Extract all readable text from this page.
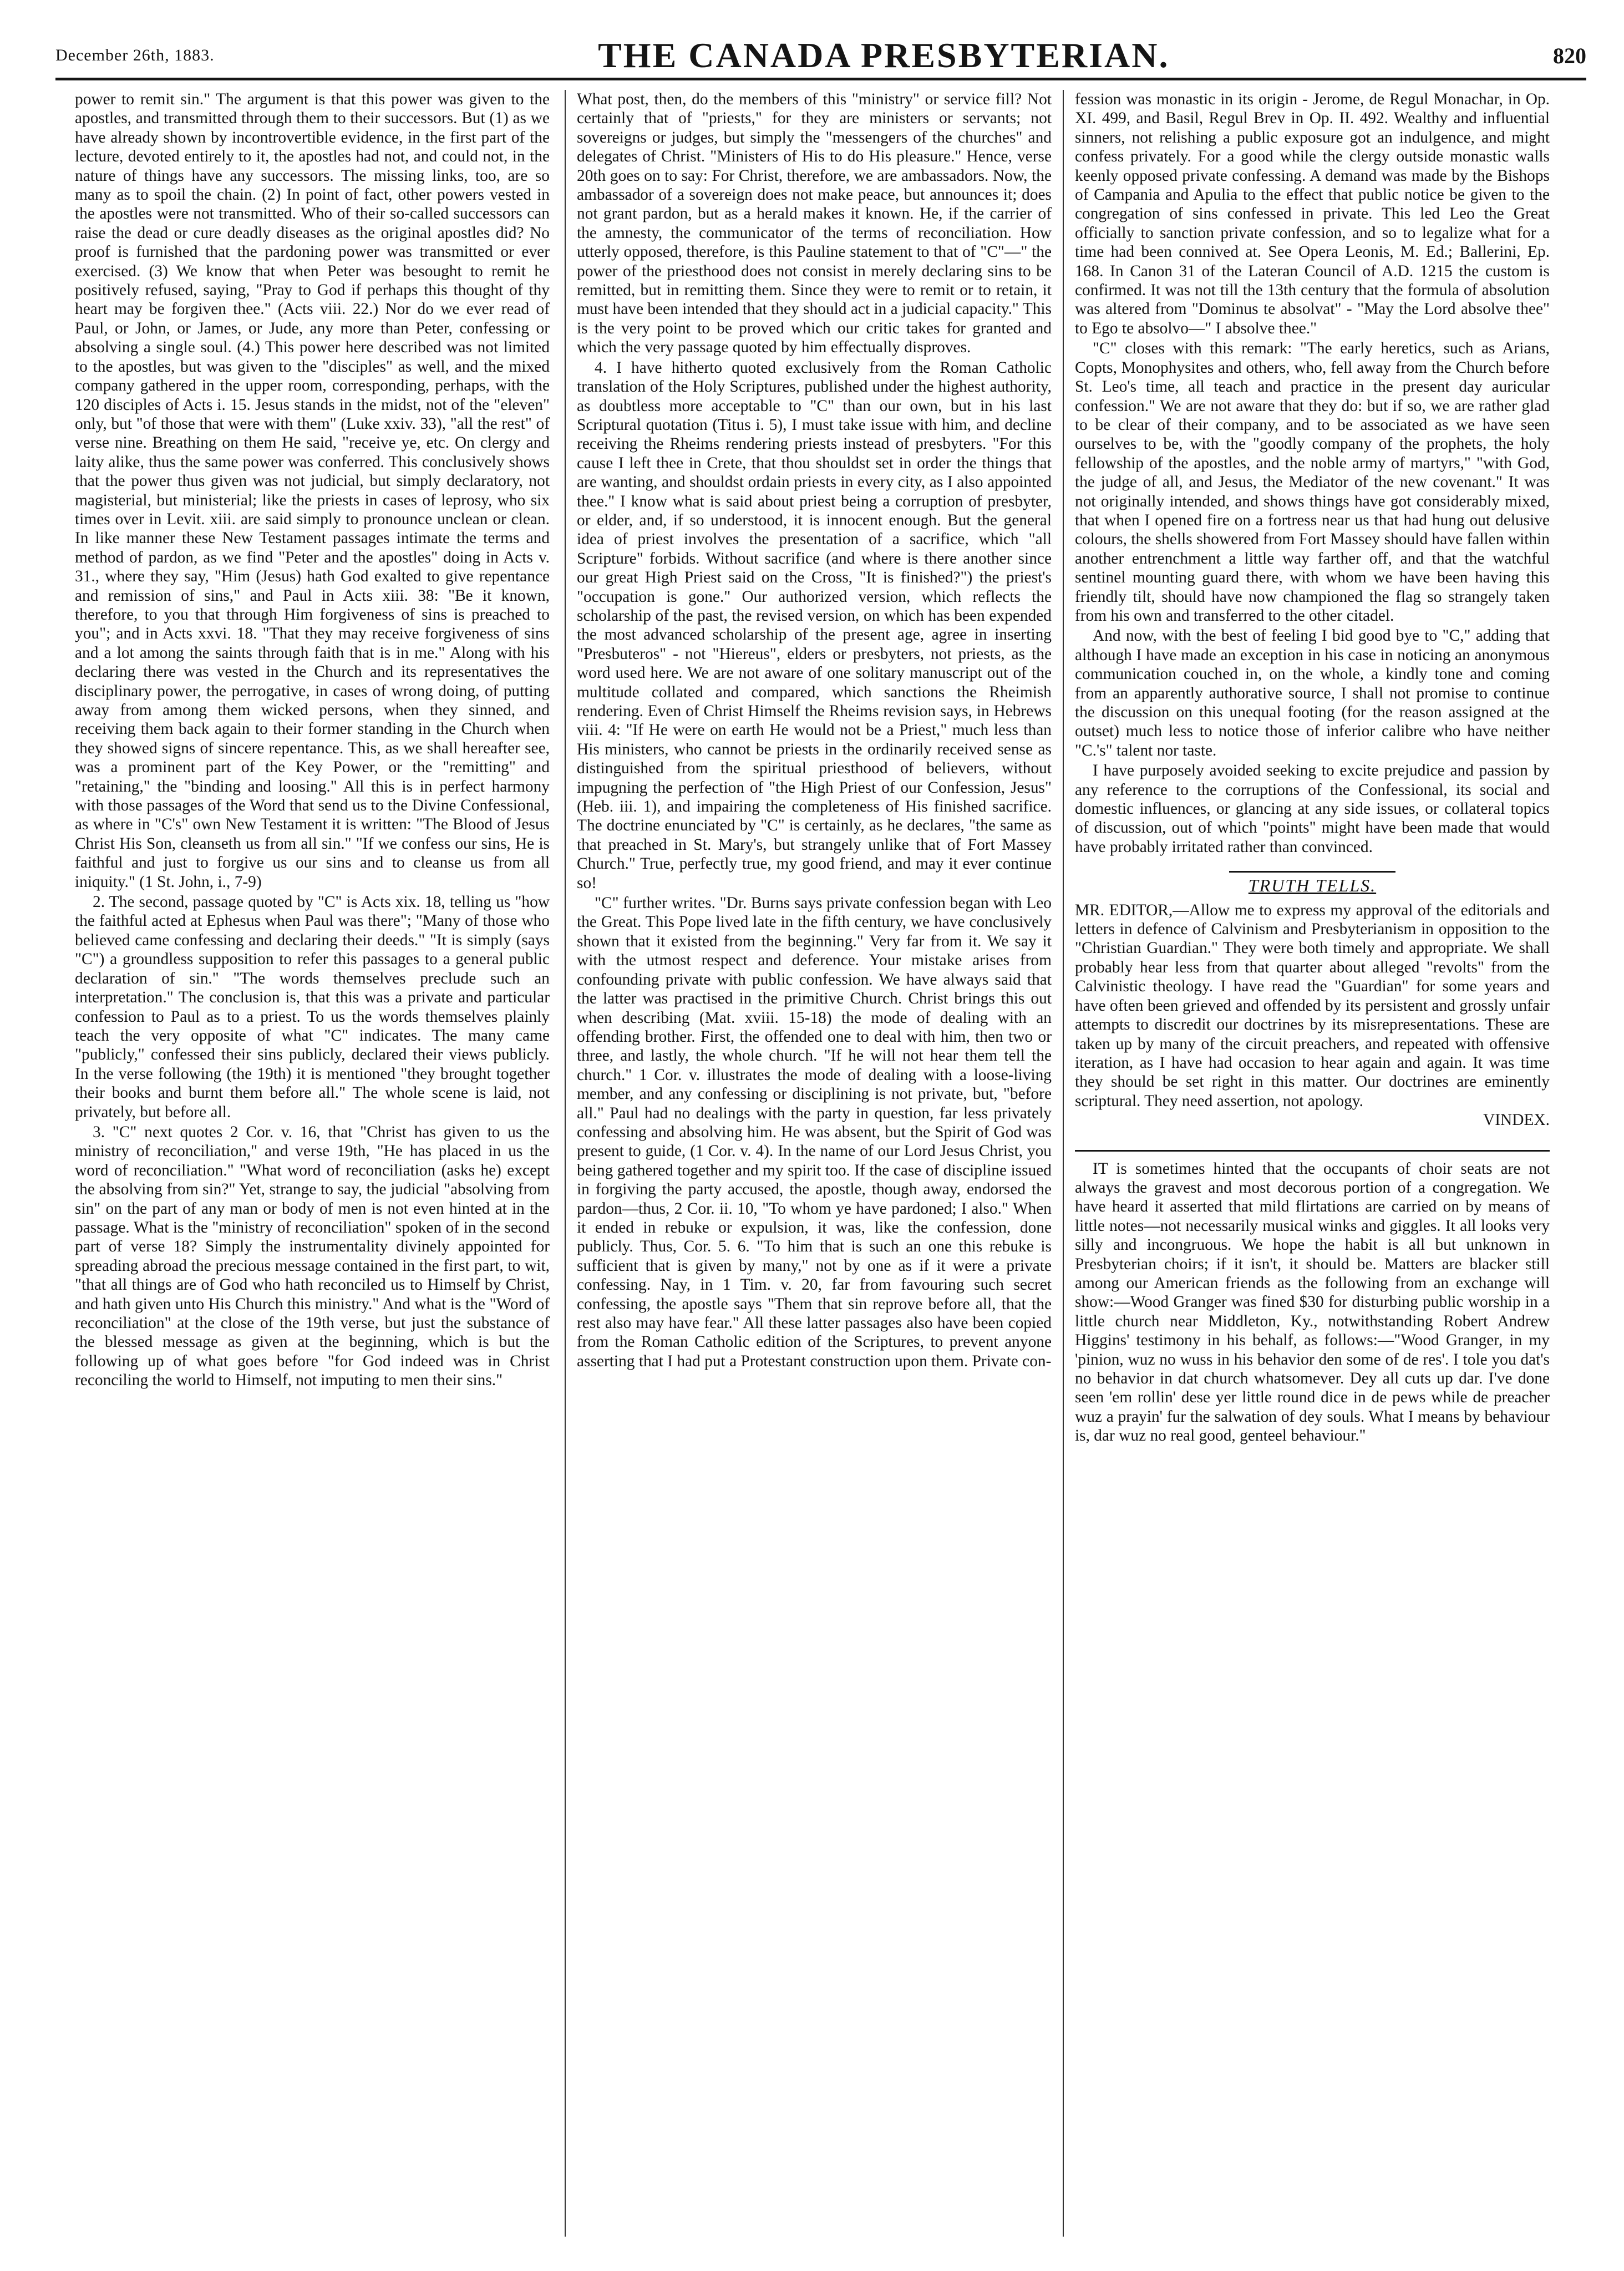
December 26th, 1883.	THE CANADA PRESBYTERIAN.	820

power to remit sin." The argument is that this power was given to the apostles, and transmitted through them to their successors. But (1) as we have already shown by incontrovertible evidence, in the first part of the lecture, devoted entirely to it, the apostles had not, and could not, in the nature of things have any successors. The missing links, too, are so many as to spoil the chain. (2) In point of fact, other powers vested in the apostles were not transmitted. Who of their so-called successors can raise the dead or cure deadly diseases as the original apostles did? No proof is furnished that the pardoning power was transmitted or ever exercised. (3) We know that when Peter was besought to remit he positively refused, saying, "Pray to God if perhaps this thought of thy heart may be forgiven thee." (Acts viii. 22.) Nor do we ever read of Paul, or John, or James, or Jude, any more than Peter, confessing or absolving a single soul. (4.) This power here described was not limited to the apostles, but was given to the "disciples" as well, and the mixed company gathered in the upper room, corresponding, perhaps, with the 120 disciples of Acts i. 15. Jesus stands in the midst, not of the "eleven" only, but "of those that were with them" (Luke xxiv. 33), "all the rest" of verse nine. Breathing on them He said, "receive ye, etc. On clergy and laity alike, thus the same power was conferred. This conclusively shows that the power thus given was not judicial, but simply declaratory, not magisterial, but ministerial; like the priests in cases of leprosy, who six times over in Levit. xiii. are said simply to pronounce unclean or clean. In like manner these New Testament passages intimate the terms and method of pardon, as we find "Peter and the apostles" doing in Acts v. 31., where they say, "Him (Jesus) hath God exalted to give repentance and remission of sins," and Paul in Acts xiii. 38: "Be it known, therefore, to you that through Him forgiveness of sins is preached to you"; and in Acts xxvi. 18. "That they may receive forgiveness of sins and a lot among the saints through faith that is in me." Along with his declaring there was vested in the Church and its representatives the disciplinary power, the perrogative, in cases of wrong doing, of putting away from among them wicked persons, when they sinned, and receiving them back again to their former standing in the Church when they showed signs of sincere repentance. This, as we shall hereafter see, was a prominent part of the Key Power, or the "remitting" and "retaining," the "binding and loosing." All this is in perfect harmony with those passages of the Word that send us to the Divine Confessional, as where in "C's" own New Testament it is written: "The Blood of Jesus Christ His Son, cleanseth us from all sin." "If we confess our sins, He is faithful and just to forgive us our sins and to cleanse us from all iniquity." (1 St. John, i., 7-9)

2. The second, passage quoted by "C" is Acts xix. 18, telling us "how the faithful acted at Ephesus when Paul was there"; "Many of those who believed came confessing and declaring their deeds." "It is simply (says "C") a groundless supposition to refer this passages to a general public declaration of sin." "The words themselves preclude such an interpretation." The conclusion is, that this was a private and particular confession to Paul as to a priest. To us the words themselves plainly teach the very opposite of what "C" indicates. The many came "publicly," confessed their sins publicly, declared their views publicly. In the verse following (the 19th) it is mentioned "they brought together their books and burnt them before all." The whole scene is laid, not privately, but before all.

3. "C" next quotes 2 Cor. v. 16, that "Christ has given to us the ministry of reconciliation," and verse 19th, "He has placed in us the word of reconciliation." "What word of reconciliation (asks he) except the absolving from sin?" Yet, strange to say, the judicial "absolving from sin" on the part of any man or body of men is not even hinted at in the passage. What is the "ministry of reconciliation" spoken of in the second part of verse 18? Simply the instrumentality divinely appointed for spreading abroad the precious message contained in the first part, to wit, "that all things are of God who hath reconciled us to Himself by Christ, and hath given unto His Church this ministry." And what is the "Word of reconciliation" at the close of the 19th verse, but just the substance of the blessed message as given at the beginning, which is but the following up of what goes before "for God indeed was in Christ reconciling the world to Himself, not imputing to men their sins."

What post, then, do the members of this "ministry" or service fill? Not certainly that of "priests," for they are ministers or servants; not sovereigns or judges, but simply the "messengers of the churches" and delegates of Christ. "Ministers of His to do His pleasure." Hence, verse 20th goes on to say: For Christ, therefore, we are ambassadors. Now, the ambassador of a sovereign does not make peace, but announces it; does not grant pardon, but as a herald makes it known. He, if the carrier of the amnesty, the communicator of the terms of reconciliation. How utterly opposed, therefore, is this Pauline statement to that of "C"—" the power of the priesthood does not consist in merely declaring sins to be remitted, but in remitting them. Since they were to remit or to retain, it must have been intended that they should act in a judicial capacity." This is the very point to be proved which our critic takes for granted and which the very passage quoted by him effectually disproves.

4. I have hitherto quoted exclusively from the Roman Catholic translation of the Holy Scriptures, published under the highest authority, as doubtless more acceptable to "C" than our own, but in his last Scriptural quotation (Titus i. 5), I must take issue with him, and decline receiving the Rheims rendering priests instead of presbyters. "For this cause I left thee in Crete, that thou shouldst set in order the things that are wanting, and shouldst ordain priests in every city, as I also appointed thee." I know what is said about priest being a corruption of presbyter, or elder, and, if so understood, it is innocent enough. But the general idea of priest involves the presentation of a sacrifice, which "all Scripture" forbids. Without sacrifice (and where is there another since our great High Priest said on the Cross, "It is finished?") the priest's "occupation is gone." Our authorized version, which reflects the scholarship of the past, the revised version, on which has been expended the most advanced scholarship of the present age, agree in inserting "Presbuteros" - not "Hiereus", elders or presbyters, not priests, as the word used here. We are not aware of one solitary manuscript out of the multitude collated and compared, which sanctions the Rheimish rendering. Even of Christ Himself the Rheims revision says, in Hebrews viii. 4: "If He were on earth He would not be a Priest," much less than His ministers, who cannot be priests in the ordinarily received sense as distinguished from the spiritual priesthood of believers, without impugning the perfection of "the High Priest of our Confession, Jesus" (Heb. iii. 1), and impairing the completeness of His finished sacrifice. The doctrine enunciated by "C" is certainly, as he declares, "the same as that preached in St. Mary's, but strangely unlike that of Fort Massey Church." True, perfectly true, my good friend, and may it ever continue so!

"C" further writes. "Dr. Burns says private confession began with Leo the Great. This Pope lived late in the fifth century, we have conclusively shown that it existed from the beginning." Very far from it. We say it with the utmost respect and deference. Your mistake arises from confounding private with public confession. We have always said that the latter was practised in the primitive Church. Christ brings this out when describing (Mat. xviii. 15-18) the mode of dealing with an offending brother. First, the offended one to deal with him, then two or three, and lastly, the whole church. "If he will not hear them tell the church." 1 Cor. v. illustrates the mode of dealing with a loose-living member, and any confessing or disciplining is not private, but, "before all." Paul had no dealings with the party in question, far less privately confessing and absolving him. He was absent, but the Spirit of God was present to guide, (1 Cor. v. 4). In the name of our Lord Jesus Christ, you being gathered together and my spirit too. If the case of discipline issued in forgiving the party accused, the apostle, though away, endorsed the pardon—thus, 2 Cor. ii. 10, "To whom ye have pardoned; I also." When it ended in rebuke or expulsion, it was, like the confession, done publicly. Thus, Cor. 5. 6. "To him that is such an one this rebuke is sufficient that is given by many," not by one as if it were a private confessing. Nay, in 1 Tim. v. 20, far from favouring such secret confessing, the apostle says "Them that sin reprove before all, that the rest also may have fear." All these latter passages also have been copied from the Roman Catholic edition of the Scriptures, to prevent anyone asserting that I had put a Protestant construction upon them. Private con-

fession was monastic in its origin - Jerome, de Regul Monachar, in Op. XI. 499, and Basil, Regul Brev in Op. II. 492. Wealthy and influential sinners, not relishing a public exposure got an indulgence, and might confess privately. For a good while the clergy outside monastic walls keenly opposed private confessing. A demand was made by the Bishops of Campania and Apulia to the effect that public notice be given to the congregation of sins confessed in private. This led Leo the Great officially to sanction private confession, and so to legalize what for a time had been connived at. See Opera Leonis, M. Ed.; Ballerini, Ep. 168. In Canon 31 of the Lateran Council of A.D. 1215 the custom is confirmed. It was not till the 13th century that the formula of absolution was altered from "Dominus te absolvat" - "May the Lord absolve thee" to Ego te absolvo—" I absolve thee."

"C" closes with this remark: "The early heretics, such as Arians, Copts, Monophysites and others, who, fell away from the Church before St. Leo's time, all teach and practice in the present day auricular confession." We are not aware that they do: but if so, we are rather glad to be clear of their company, and to be associated as we have seen ourselves to be, with the "goodly company of the prophets, the holy fellowship of the apostles, and the noble army of martyrs," "with God, the judge of all, and Jesus, the Mediator of the new covenant." It was not originally intended, and shows things have got considerably mixed, that when I opened fire on a fortress near us that had hung out delusive colours, the shells showered from Fort Massey should have fallen within another entrenchment a little way farther off, and that the watchful sentinel mounting guard there, with whom we have been having this friendly tilt, should have now championed the flag so strangely taken from his own and transferred to the other citadel.

And now, with the best of feeling I bid good bye to "C," adding that although I have made an exception in his case in noticing an anonymous communication couched in, on the whole, a kindly tone and coming from an apparently authorative source, I shall not promise to continue the discussion on this unequal footing (for the reason assigned at the outset) much less to notice those of inferior calibre who have neither "C.'s" talent nor taste.

I have purposely avoided seeking to excite prejudice and passion by any reference to the corruptions of the Confessional, its social and domestic influences, or glancing at any side issues, or collateral topics of discussion, out of which "points" might have been made that would have probably irritated rather than convinced.

TRUTH TELLS.

MR. EDITOR,—Allow me to express my approval of the editorials and letters in defence of Calvinism and Presbyterianism in opposition to the "Christian Guardian." They were both timely and appropriate. We shall probably hear less from that quarter about alleged "revolts" from the Calvinistic theology. I have read the "Guardian" for some years and have often been grieved and offended by its persistent and grossly unfair attempts to discredit our doctrines by its misrepresentations. These are taken up by many of the circuit preachers, and repeated with offensive iteration, as I have had occasion to hear again and again. It was time they should be set right in this matter. Our doctrines are eminently scriptural. They need assertion, not apology.

VINDEX.

IT is sometimes hinted that the occupants of choir seats are not always the gravest and most decorous portion of a congregation. We have heard it asserted that mild flirtations are carried on by means of little notes—not necessarily musical winks and giggles. It all looks very silly and incongruous. We hope the habit is all but unknown in Presbyterian choirs; if it isn't, it should be. Matters are blacker still among our American friends as the following from an exchange will show:—Wood Granger was fined $30 for disturbing public worship in a little church near Middleton, Ky., notwithstanding Robert Andrew Higgins' testimony in his behalf, as follows:—"Wood Granger, in my 'pinion, wuz no wuss in his behavior den some of de res'. I tole you dat's no behavior in dat church whatsomever. Dey all cuts up dar. I've done seen 'em rollin' dese yer little round dice in de pews while de preacher wuz a prayin' fur the salwation of dey souls. What I means by behaviour is, dar wuz no real good, genteel behaviour."
